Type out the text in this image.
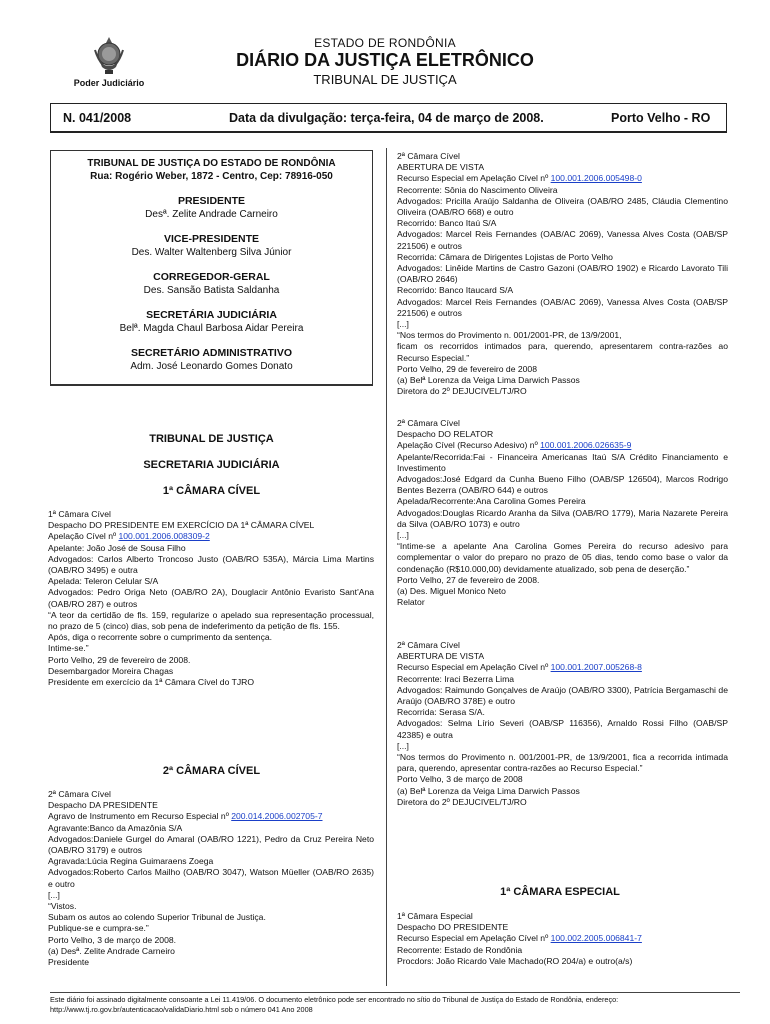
Poder Judiciário
ESTADO DE RONDÔNIA
DIÁRIO DA JUSTIÇA ELETRÔNICO
TRIBUNAL DE JUSTIÇA
N. 041/2008	Data da divulgação: terça-feira, 04 de março de 2008.	Porto Velho - RO
TRIBUNAL DE JUSTIÇA DO ESTADO DE RONDÔNIA
Rua: Rogério Weber, 1872 - Centro, Cep: 78916-050
PRESIDENTE
Desª. Zelite Andrade Carneiro
VICE-PRESIDENTE
Des. Walter Waltenberg Silva Júnior
CORREGEDOR-GERAL
Des. Sansão Batista Saldanha
SECRETÁRIA JUDICIÁRIA
Belª. Magda Chaul Barbosa Aidar Pereira
SECRETÁRIO ADMINISTRATIVO
Adm. José Leonardo Gomes Donato
TRIBUNAL DE JUSTIÇA
SECRETARIA JUDICIÁRIA
1ª CÂMARA CÍVEL
1ª Câmara Cível
Despacho DO PRESIDENTE EM EXERCÍCIO DA 1ª CÂMARA CÍVEL
Apelação Cível nº 100.001.2006.008309-2
Apelante: João José de Sousa Filho
Advogados: Carlos Alberto Troncoso Justo (OAB/RO 535A), Márcia Lima Martins (OAB/RO 3495) e outra
Apelada: Teleron Celular S/A
Advogados: Pedro Origa Neto (OAB/RO 2A), Douglacir Antônio Evaristo Sant'Ana (OAB/RO 287) e outros
“A teor da certidão de fls. 159, regularize o apelado sua representação processual, no prazo de 5 (cinco) dias, sob pena de indeferimento da petição de fls. 155.
Após, diga o recorrente sobre o cumprimento da sentença.
Intime-se.”
Porto Velho, 29 de fevereiro de 2008.
Desembargador Moreira Chagas
Presidente em exercício da 1ª Câmara Cível do TJRO
2ª CÂMARA CÍVEL
2ª Câmara Cível
Despacho DA PRESIDENTE
Agravo de Instrumento em Recurso Especial nº 200.014.2006.002705-7
Agravante:Banco da Amazônia S/A
Advogados:Daniele Gurgel do Amaral (OAB/RO 1221), Pedro da Cruz Pereira Neto (OAB/RO 3179) e outros
Agravada:Lúcia Regina Guimaraens Zoega
Advogados:Roberto Carlos Mailho (OAB/RO 3047), Watson Müeller (OAB/RO 2635) e outro
[...]
“Vistos.
Subam os autos ao colendo Superior Tribunal de Justiça.
Publique-se e cumpra-se.”
Porto Velho, 3 de março de 2008.
(a) Desª. Zelite Andrade Carneiro
Presidente
2ª Câmara Cível
ABERTURA DE VISTA
Recurso Especial em Apelação Cível nº 100.001.2006.005498-0
Recorrente: Sônia do Nascimento Oliveira
Advogados: Pricilla Araújo Saldanha de Oliveira (OAB/RO 2485, Cláudia Clementino Oliveira (OAB/RO 668) e outro
Recorrido: Banco Itaú S/A
Advogados: Marcel Reis Fernandes (OAB/AC 2069), Vanessa Alves Costa (OAB/SP 221506) e outros
Recorrida: Câmara de Dirigentes Lojistas de Porto Velho
Advogados: Linêide Martins de Castro Gazoni (OAB/RO 1902) e Ricardo Lavorato Tili (OAB/RO 2646)
Recorrido: Banco Itaucard S/A
Advogados: Marcel Reis Fernandes (OAB/AC 2069), Vanessa Alves Costa (OAB/SP 221506) e outros
[...]
“Nos termos do Provimento n. 001/2001-PR, de 13/9/2001,
ficam os recorridos intimados para, querendo, apresentarem contra-razões ao Recurso Especial.”
Porto Velho, 29 de fevereiro de 2008
(a) Belª Lorenza da Veiga Lima Darwich Passos
Diretora do 2º DEJUCIVEL/TJ/RO
2ª Câmara Cível
Despacho DO RELATOR
Apelação Cível (Recurso Adesivo) nº 100.001.2006.026635-9
Apelante/Recorrida:Fai - Financeira Americanas Itaú S/A Crédito Financiamento e Investimento
Advogados:José Edgard da Cunha Bueno Filho (OAB/SP 126504), Marcos Rodrigo Bentes Bezerra (OAB/RO 644) e outros
Apelada/Recorrente:Ana Carolina Gomes Pereira
Advogados:Douglas Ricardo Aranha da Silva (OAB/RO 1779), Maria Nazarete Pereira da Silva (OAB/RO 1073) e outro
[...]
“Intime-se a apelante Ana Carolina Gomes Pereira do recurso adesivo para complementar o valor do preparo no prazo de 05 dias, tendo como base o valor da condenação (R$10.000,00) devidamente atualizado, sob pena de deserção.”
Porto Velho, 27 de fevereiro de 2008.
(a) Des. Miguel Monico Neto
Relator
2ª Câmara Cível
ABERTURA DE VISTA
Recurso Especial em Apelação Cível nº 100.001.2007.005268-8
Recorrente: Iraci Bezerra Lima
Advogados: Raimundo Gonçalves de Araújo (OAB/RO 3300), Patrícia Bergamaschi de Araújo (OAB/RO 378E) e outro
Recorrida: Serasa S/A.
Advogados: Selma Lírio Severi (OAB/SP 116356), Arnaldo Rossi Filho (OAB/SP 42385) e outra
[...]
“Nos termos do Provimento n. 001/2001-PR, de 13/9/2001, fica a recorrida intimada para, querendo, apresentar contra-razões ao Recurso Especial.”
Porto Velho, 3 de março de 2008
(a) Belª Lorenza da Veiga Lima Darwich Passos
Diretora do 2º DEJUCIVEL/TJ/RO
1ª CÂMARA ESPECIAL
1ª Câmara Especial
Despacho DO PRESIDENTE
Recurso Especial em Apelação Cível nº 100.002.2005.006841-7
Recorrente: Estado de Rondônia
Procdors: João Ricardo Vale Machado(RO 204/a) e outro(a/s)
Este diário foi assinado digitalmente consoante a Lei 11.419/06. O documento eletrônico pode ser encontrado no sítio do Tribunal de Justiça do Estado de Rondônia, endereço:
http://www.tj.ro.gov.br/autenticacao/validaDiario.html sob o número 041 Ano 2008
